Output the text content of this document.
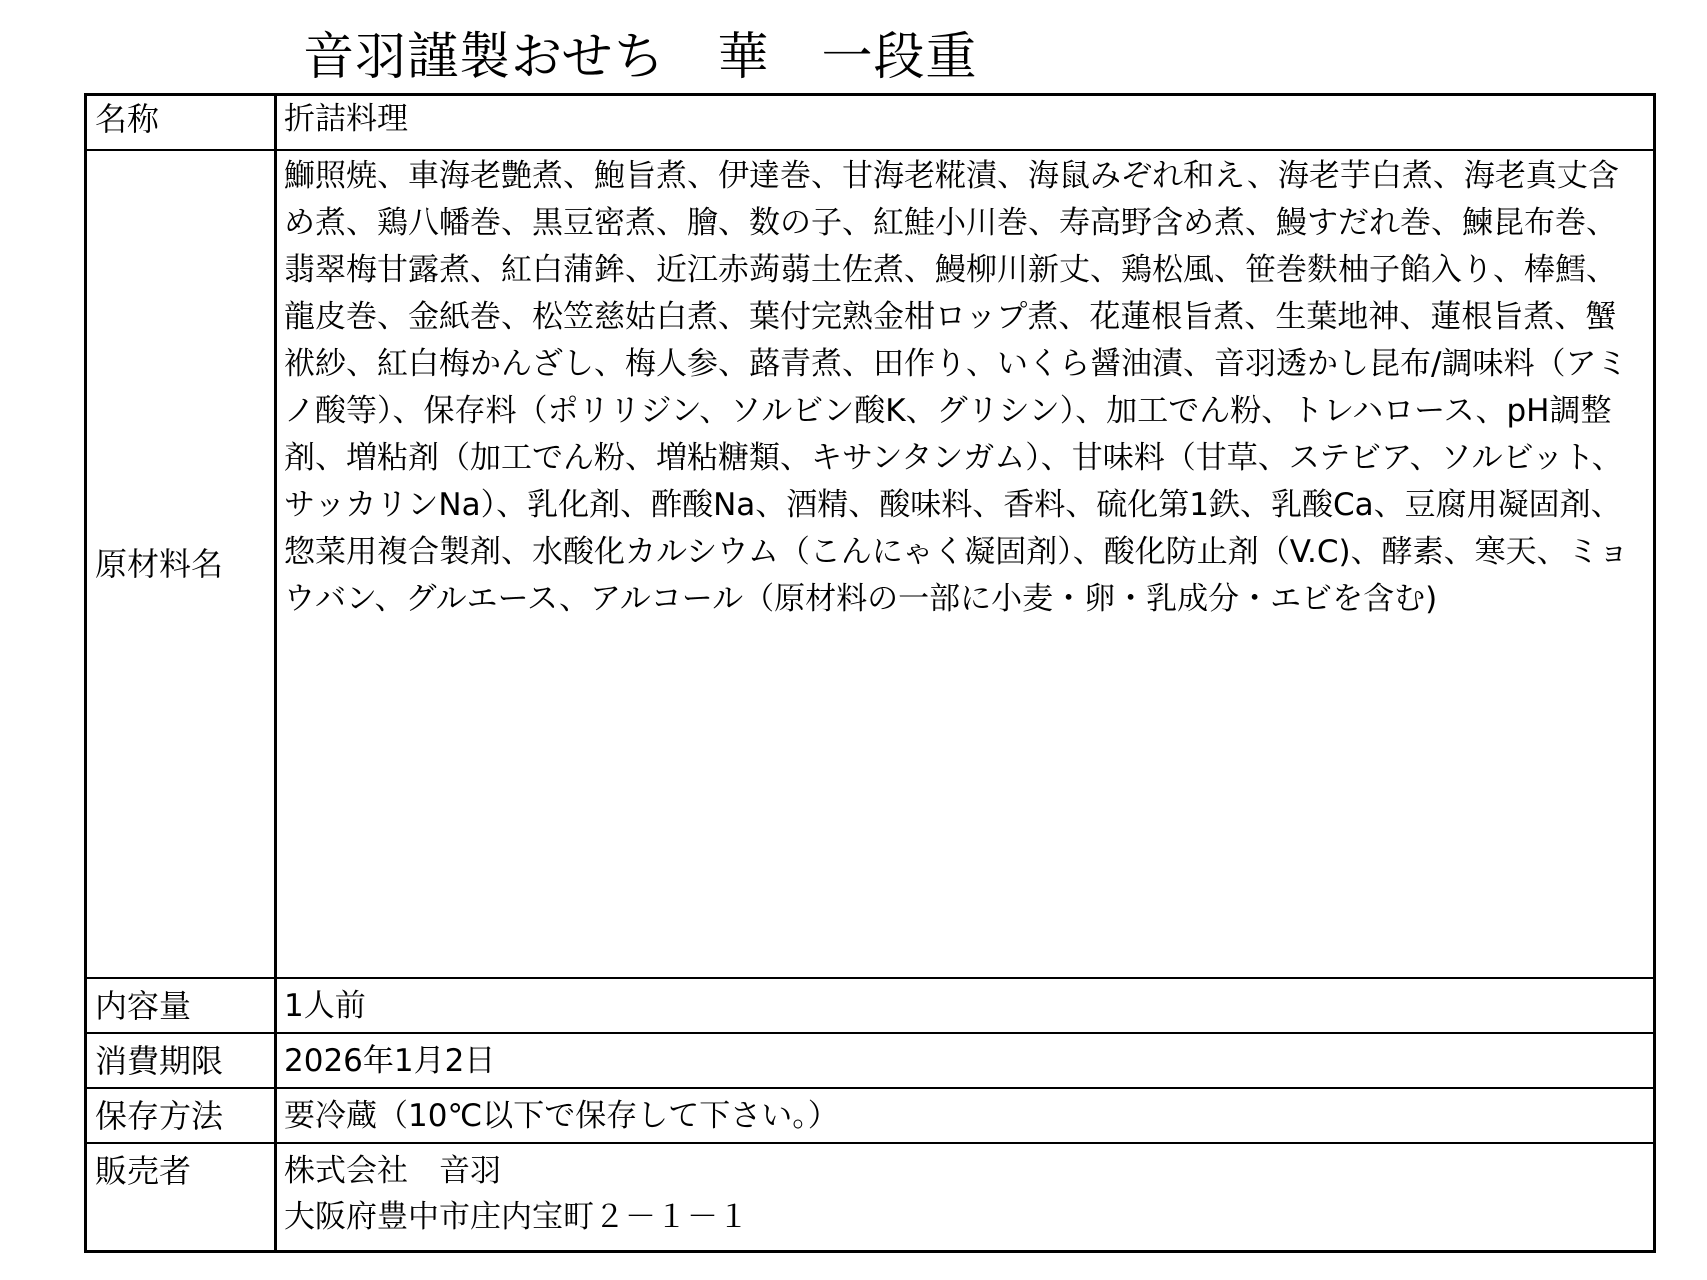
音羽謹製おせち　華　一段重
名称	折詰料理
原材料名
鰤照焼、車海老艶煮、鮑旨煮、伊達巻、甘海老糀漬、海鼠みぞれ和え、海老芋白煮、海老真丈含め煮、鶏八幡巻、黒豆密煮、膾、数の子、紅鮭小川巻、寿高野含め煮、鰻すだれ巻、鰊昆布巻、翡翠梅甘露煮、紅白蒲鉾、近江赤蒟蒻土佐煮、鰻柳川新丈、鶏松風、笹巻麩柚子餡入り、棒鱈、龍皮巻、金紙巻、松笠慈姑白煮、葉付完熟金柑ロップ煮、花蓮根旨煮、生葉地神、蓮根旨煮、蟹袱紗、紅白梅かんざし、梅人参、蕗青煮、田作り、いくら醤油漬、音羽透かし昆布/調味料（アミノ酸等）、保存料（ポリリジン、ソルビン酸K、グリシン）、加工でん粉、トレハロース、pH調整剤、増粘剤（加工でん粉、増粘糖類、キサンタンガム）、甘味料（甘草、ステビア、ソルビット、サッカリンNa）、乳化剤、酢酸Na、酒精、酸味料、香料、硫化第1鉄、乳酸Ca、豆腐用凝固剤、惣菜用複合製剤、水酸化カルシウム（こんにゃく凝固剤）、酸化防止剤（V.C)、酵素、寒天、ミョウバン、グルエース、アルコール（原材料の一部に小麦・卵・乳成分・エビを含む)
内容量	1人前
消費期限	2026年1月2日
保存方法	要冷蔵（10℃以下で保存して下さい。）
販売者	株式会社　音羽
大阪府豊中市庄内宝町２－１－１
